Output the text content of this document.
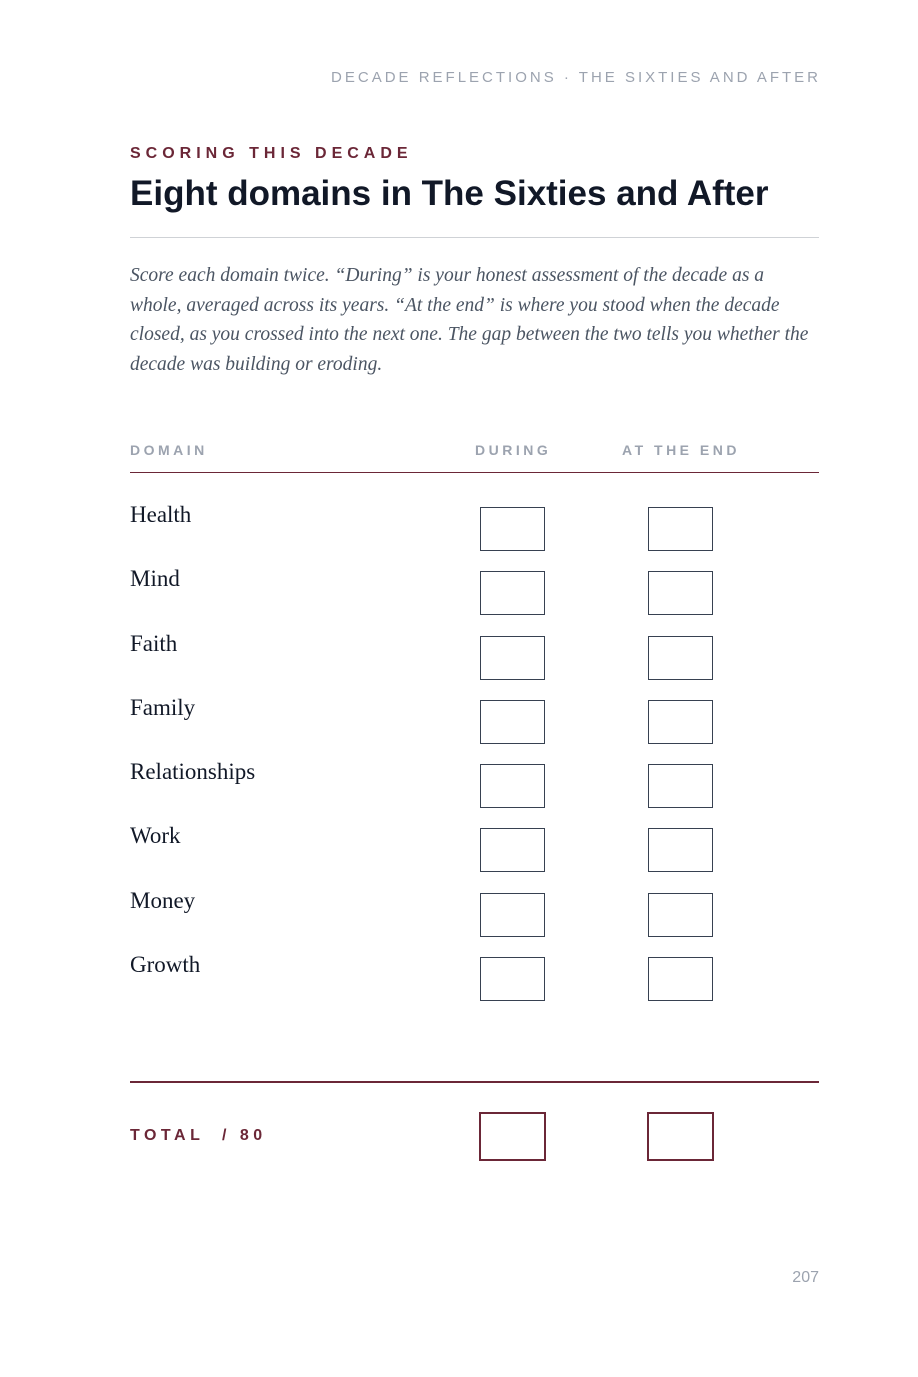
DECADE REFLECTIONS · THE SIXTIES AND AFTER
SCORING THIS DECADE
Eight domains in The Sixties and After

Score each domain twice. “During” is your honest assessment of the decade as a whole, averaged across its years. “At the end” is where you stood when the decade closed, as you crossed into the next one. The gap between the two tells you whether the decade was building or eroding.

DOMAIN	DURING	AT THE END
Health
Mind
Faith
Family
Relationships
Work
Money
Growth
TOTAL  / 80
207
